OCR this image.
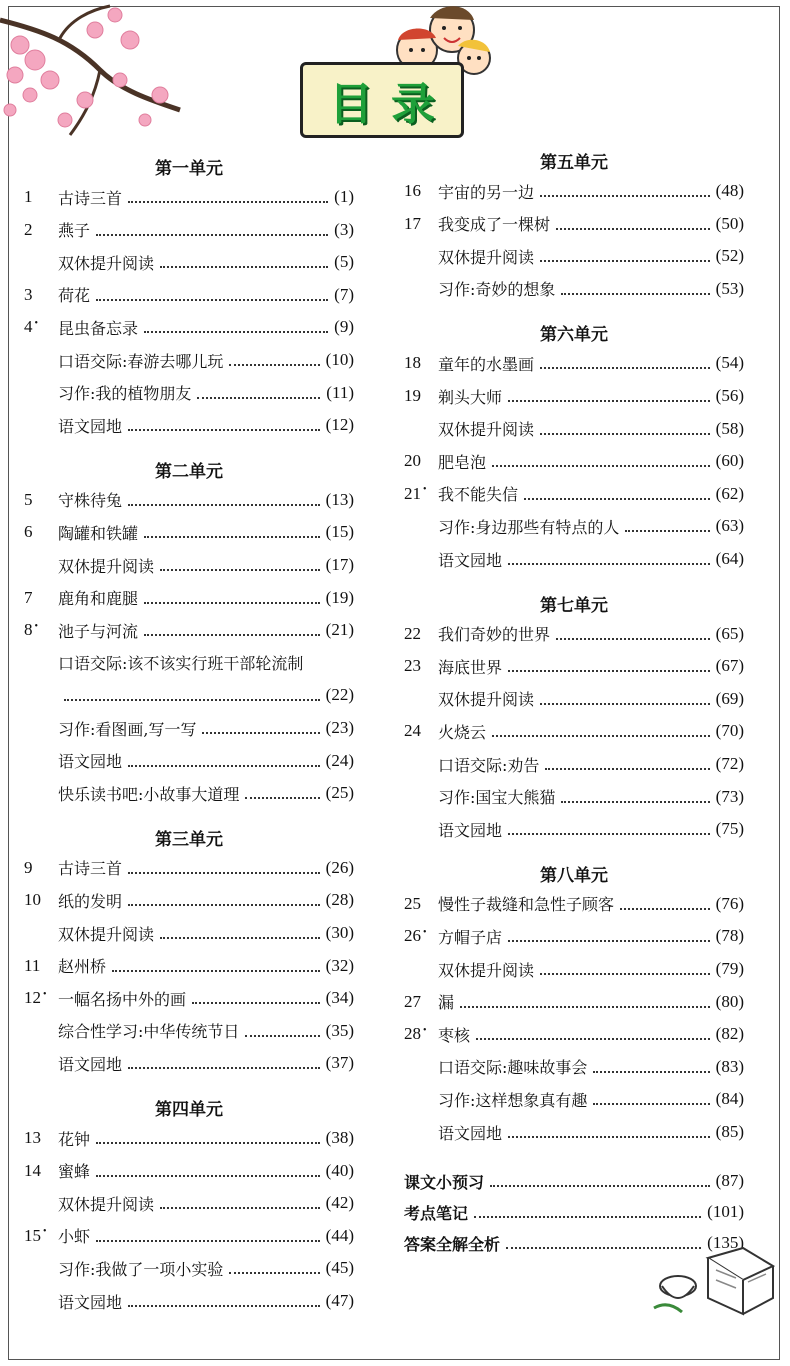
目录
第一单元
1	古诗三首	(1)
2	燕子	(3)
双休提升阅读	(5)
3	荷花	(7)
4 •	昆虫备忘录	(9)
口语交际:春游去哪儿玩	(10)
习作:我的植物朋友	(11)
语文园地	(12)
第二单元
5	守株待兔	(13)
6	陶罐和铁罐	(15)
双休提升阅读	(17)
7	鹿角和鹿腿	(19)
8 •	池子与河流	(21)
口语交际:该不该实行班干部轮流制
(22)
习作:看图画,写一写	(23)
语文园地	(24)
快乐读书吧:小故事大道理	(25)
第三单元
9	古诗三首	(26)
10	纸的发明	(28)
双休提升阅读	(30)
11	赵州桥	(32)
12 • 一幅名扬中外的画	(34)
综合性学习:中华传统节日	(35)
语文园地	(37)
第四单元
13	花钟	(38)
14	蜜蜂	(40)
双休提升阅读	(42)
15 • 小虾	(44)
习作:我做了一项小实验	(45)
语文园地	(47)
第五单元
16	宇宙的另一边	(48)
17	我变成了一棵树	(50)
双休提升阅读	(52)
习作:奇妙的想象	(53)
第六单元
18	童年的水墨画	(54)
19	剃头大师	(56)
双休提升阅读	(58)
20	肥皂泡	(60)
21 • 我不能失信	(62)
习作:身边那些有特点的人	(63)
语文园地	(64)
第七单元
22	我们奇妙的世界	(65)
23	海底世界	(67)
双休提升阅读	(69)
24	火烧云	(70)
口语交际:劝告	(72)
习作:国宝大熊猫	(73)
语文园地	(75)
第八单元
25	慢性子裁缝和急性子顾客	(76)
26 • 方帽子店	(78)
双休提升阅读	(79)
27	漏	(80)
28 • 枣核	(82)
口语交际:趣味故事会	(83)
习作:这样想象真有趣	(84)
语文园地	(85)
课文小预习	(87)
考点笔记	(101)
答案全解全析	(135)
